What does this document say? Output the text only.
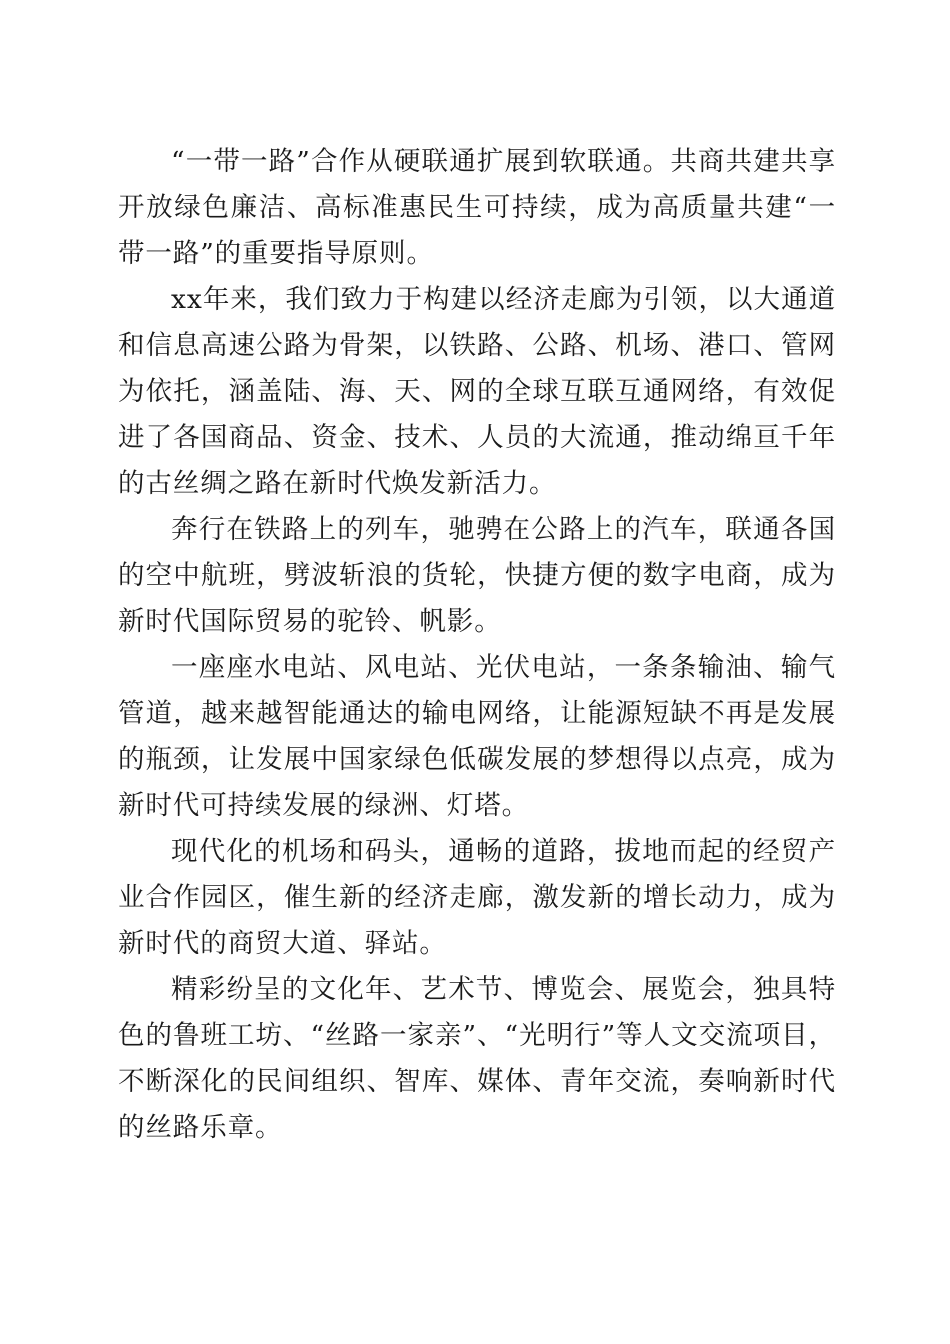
“一带一路”合作从硬联通扩展到软联通。共商共建共享开放绿色廉洁、高标准惠民生可持续，成为高质量共建“一带一路”的重要指导原则。

xx年来，我们致力于构建以经济走廊为引领，以大通道和信息高速公路为骨架，以铁路、公路、机场、港口、管网为依托，涵盖陆、海、天、网的全球互联互通网络，有效促进了各国商品、资金、技术、人员的大流通，推动绵亘千年的古丝绸之路在新时代焕发新活力。

奔行在铁路上的列车，驰骋在公路上的汽车，联通各国的空中航班，劈波斩浪的货轮，快捷方便的数字电商，成为新时代国际贸易的驼铃、帆影。

一座座水电站、风电站、光伏电站，一条条输油、输气管道，越来越智能通达的输电网络，让能源短缺不再是发展的瓶颈，让发展中国家绿色低碳发展的梦想得以点亮，成为新时代可持续发展的绿洲、灯塔。

现代化的机场和码头，通畅的道路，拔地而起的经贸产业合作园区，催生新的经济走廊，激发新的增长动力，成为新时代的商贸大道、驿站。

精彩纷呈的文化年、艺术节、博览会、展览会，独具特色的鲁班工坊、“丝路一家亲”、“光明行”等人文交流项目，不断深化的民间组织、智库、媒体、青年交流，奏响新时代的丝路乐章。
